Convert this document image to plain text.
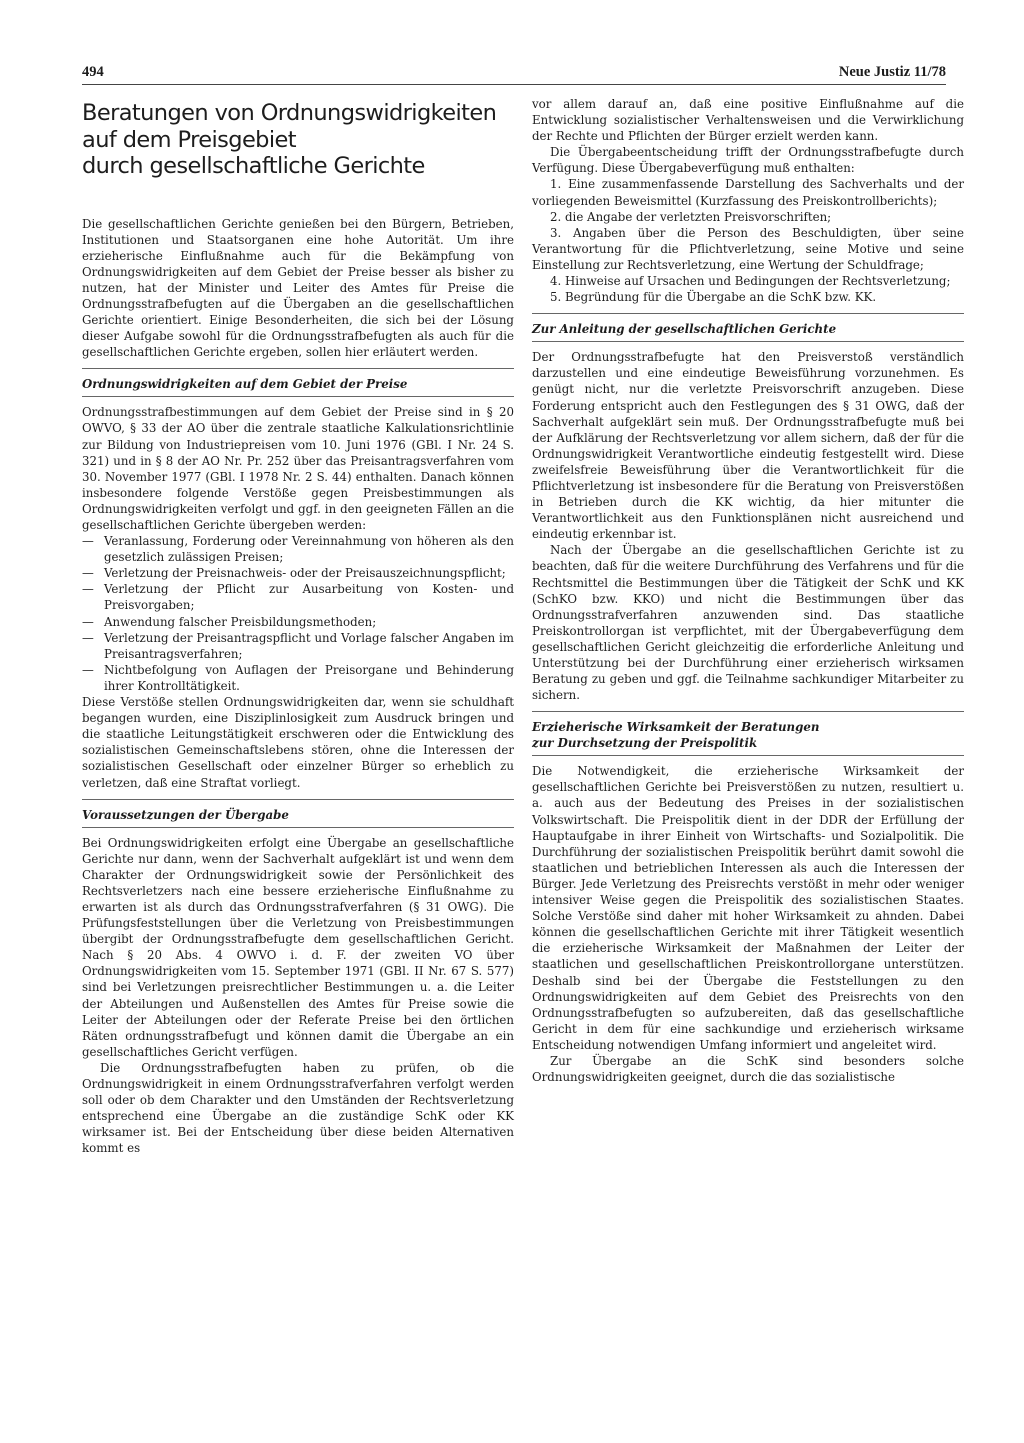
494	Neue Justiz 11/78
Beratungen von Ordnungswidrigkeiten
auf dem Preisgebiet
durch gesellschaftliche Gerichte

Die gesellschaftlichen Gerichte genießen bei den Bürgern, Betrieben, Institutionen und Staatsorganen eine hohe Autorität. Um ihre erzieherische Einflußnahme auch für die Bekämpfung von Ordnungswidrigkeiten auf dem Gebiet der Preise besser als bisher zu nutzen, hat der Minister und Leiter des Amtes für Preise die Ordnungsstrafbefugten auf die Übergaben an die gesellschaftlichen Gerichte orientiert. Einige Besonderheiten, die sich bei der Lösung dieser Aufgabe sowohl für die Ordnungsstrafbefugten als auch für die gesellschaftlichen Gerichte ergeben, sollen hier erläutert werden.

Ordnungswidrigkeiten auf dem Gebiet der Preise

Ordnungsstrafbestimmungen auf dem Gebiet der Preise sind in § 20 OWVO, § 33 der AO über die zentrale staatliche Kalkulationsrichtlinie zur Bildung von Industriepreisen vom 10. Juni 1976 (GBl. I Nr. 24 S. 321) und in § 8 der AO Nr. Pr. 252 über das Preisantragsverfahren vom 30. November 1977 (GBl. I 1978 Nr. 2 S. 44) enthalten. Danach können insbesondere folgende Verstöße gegen Preisbestimmungen als Ordnungswidrigkeiten verfolgt und ggf. in den geeigneten Fällen an die gesellschaftlichen Gerichte übergeben werden:

— Veranlassung, Forderung oder Vereinnahmung von höheren als den gesetzlich zulässigen Preisen;
— Verletzung der Preisnachweis- oder der Preisauszeichnungspflicht;
— Verletzung der Pflicht zur Ausarbeitung von Kosten- und Preisvorgaben;
— Anwendung falscher Preisbildungsmethoden;
— Verletzung der Preisantragspflicht und Vorlage falscher Angaben im Preisantragsverfahren;
— Nichtbefolgung von Auflagen der Preisorgane und Behinderung ihrer Kontrolltätigkeit.

Diese Verstöße stellen Ordnungswidrigkeiten dar, wenn sie schuldhaft begangen wurden, eine Disziplinlosigkeit zum Ausdruck bringen und die staatliche Leitungstätigkeit erschweren oder die Entwicklung des sozialistischen Gemeinschaftslebens stören, ohne die Interessen der sozialistischen Gesellschaft oder einzelner Bürger so erheblich zu verletzen, daß eine Straftat vorliegt.

Voraussetzungen der Übergabe

Bei Ordnungswidrigkeiten erfolgt eine Übergabe an gesellschaftliche Gerichte nur dann, wenn der Sachverhalt aufgeklärt ist und wenn dem Charakter der Ordnungswidrigkeit sowie der Persönlichkeit des Rechtsverletzers nach eine bessere erzieherische Einflußnahme zu erwarten ist als durch das Ordnungsstrafverfahren (§ 31 OWG). Die Prüfungsfeststellungen über die Verletzung von Preisbestimmungen übergibt der Ordnungsstrafbefugte dem gesellschaftlichen Gericht. Nach § 20 Abs. 4 OWVO i. d. F. der zweiten VO über Ordnungswidrigkeiten vom 15. September 1971 (GBl. II Nr. 67 S. 577) sind bei Verletzungen preisrechtlicher Bestimmungen u. a. die Leiter der Abteilungen und Außenstellen des Amtes für Preise sowie die Leiter der Abteilungen oder der Referate Preise bei den örtlichen Räten ordnungsstrafbefugt und können damit die Übergabe an ein gesellschaftliches Gericht verfügen.

Die Ordnungsstrafbefugten haben zu prüfen, ob die Ordnungswidrigkeit in einem Ordnungsstrafverfahren verfolgt werden soll oder ob dem Charakter und den Umständen der Rechtsverletzung entsprechend eine Übergabe an die zuständige SchK oder KK wirksamer ist. Bei der Entscheidung über diese beiden Alternativen kommt es

vor allem darauf an, daß eine positive Einflußnahme auf die Entwicklung sozialistischer Verhaltensweisen und die Verwirklichung der Rechte und Pflichten der Bürger erzielt werden kann.

Die Übergabeentscheidung trifft der Ordnungsstrafbefugte durch Verfügung. Diese Übergabeverfügung muß enthalten:

1. Eine zusammenfassende Darstellung des Sachverhalts und der vorliegenden Beweismittel (Kurzfassung des Preiskontrollberichts);
2. die Angabe der verletzten Preisvorschriften;
3. Angaben über die Person des Beschuldigten, über seine Verantwortung für die Pflichtverletzung, seine Motive und seine Einstellung zur Rechtsverletzung, eine Wertung der Schuldfrage;
4. Hinweise auf Ursachen und Bedingungen der Rechtsverletzung;
5. Begründung für die Übergabe an die SchK bzw. KK.
Zur Anleitung der gesellschaftlichen Gerichte

Der Ordnungsstrafbefugte hat den Preisverstoß verständlich darzustellen und eine eindeutige Beweisführung vorzunehmen. Es genügt nicht, nur die verletzte Preisvorschrift anzugeben. Diese Forderung entspricht auch den Festlegungen des § 31 OWG, daß der Sachverhalt aufgeklärt sein muß. Der Ordnungsstrafbefugte muß bei der Aufklärung der Rechtsverletzung vor allem sichern, daß der für die Ordnungswidrigkeit Verantwortliche eindeutig festgestellt wird. Diese zweifelsfreie Beweisführung über die Verantwortlichkeit für die Pflichtverletzung ist insbesondere für die Beratung von Preisverstößen in Betrieben durch die KK wichtig, da hier mitunter die Verantwortlichkeit aus den Funktionsplänen nicht ausreichend und eindeutig erkennbar ist.

Nach der Übergabe an die gesellschaftlichen Gerichte ist zu beachten, daß für die weitere Durchführung des Verfahrens und für die Rechtsmittel die Bestimmungen über die Tätigkeit der SchK und KK (SchKO bzw. KKO) und nicht die Bestimmungen über das Ordnungsstrafverfahren anzuwenden sind. Das staatliche Preiskontrollorgan ist verpflichtet, mit der Übergabeverfügung dem gesellschaftlichen Gericht gleichzeitig die erforderliche Anleitung und Unterstützung bei der Durchführung einer erzieherisch wirksamen Beratung zu geben und ggf. die Teilnahme sachkundiger Mitarbeiter zu sichern.

Erzieherische Wirksamkeit der Beratungen
zur Durchsetzung der Preispolitik

Die Notwendigkeit, die erzieherische Wirksamkeit der gesellschaftlichen Gerichte bei Preisverstößen zu nutzen, resultiert u. a. auch aus der Bedeutung des Preises in der sozialistischen Volkswirtschaft. Die Preispolitik dient in der DDR der Erfüllung der Hauptaufgabe in ihrer Einheit von Wirtschafts- und Sozialpolitik. Die Durchführung der sozialistischen Preispolitik berührt damit sowohl die staatlichen und betrieblichen Interessen als auch die Interessen der Bürger. Jede Verletzung des Preisrechts verstößt in mehr oder weniger intensiver Weise gegen die Preispolitik des sozialistischen Staates. Solche Verstöße sind daher mit hoher Wirksamkeit zu ahnden. Dabei können die gesellschaftlichen Gerichte mit ihrer Tätigkeit wesentlich die erzieherische Wirksamkeit der Maßnahmen der Leiter der staatlichen und gesellschaftlichen Preiskontrollorgane unterstützen. Deshalb sind bei der Übergabe die Feststellungen zu den Ordnungswidrigkeiten auf dem Gebiet des Preisrechts von den Ordnungsstrafbefugten so aufzubereiten, daß das gesellschaftliche Gericht in dem für eine sachkundige und erzieherisch wirksame Entscheidung notwendigen Umfang informiert und angeleitet wird.

Zur Übergabe an die SchK sind besonders solche Ordnungswidrigkeiten geeignet, durch die das sozialistische
